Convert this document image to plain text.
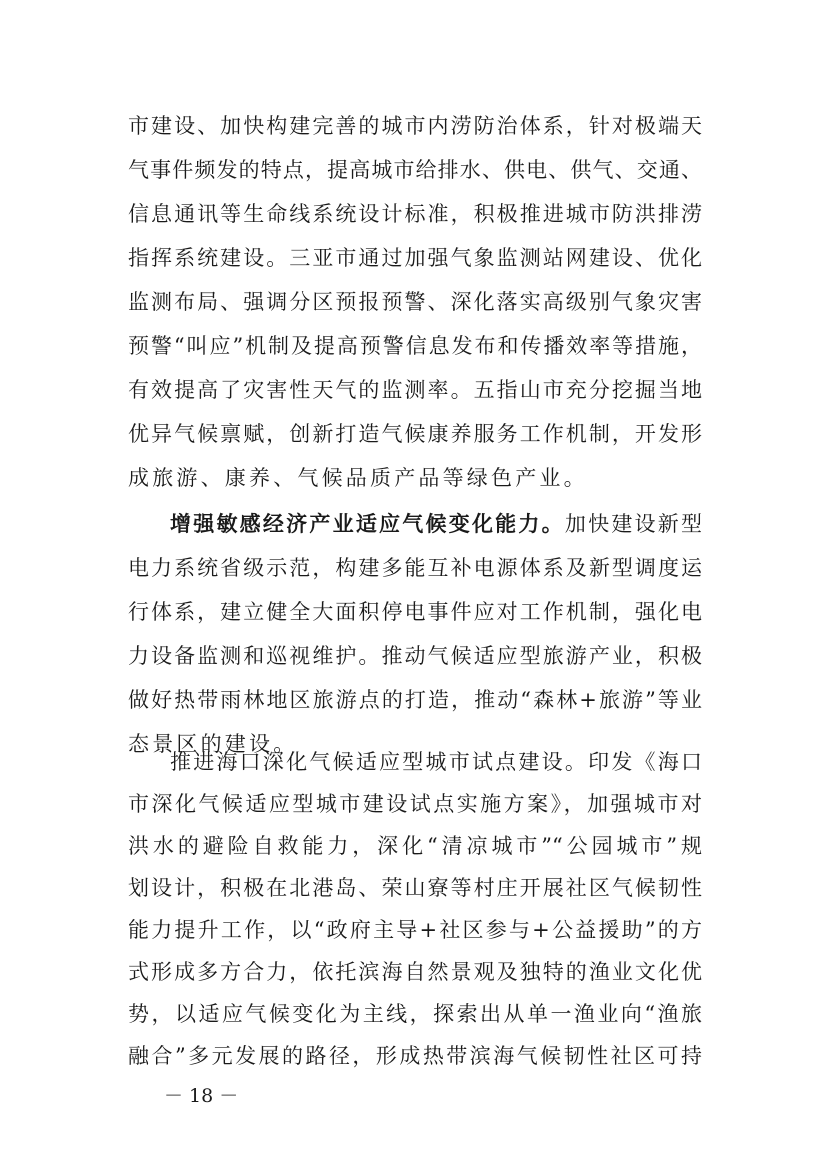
市建设、加快构建完善的城市内涝防治体系，针对极端天
气事件频发的特点，提高城市给排水、供电、供气、交通、
信息通讯等生命线系统设计标准，积极推进城市防洪排涝
指挥系统建设。三亚市通过加强气象监测站网建设、优化
监测布局、强调分区预报预警、深化落实高级别气象灾害
预警“叫应”机制及提高预警信息发布和传播效率等措施，
有效提高了灾害性天气的监测率。五指山市充分挖掘当地
优异气候禀赋，创新打造气候康养服务工作机制，开发形
成旅游、康养、气候品质产品等绿色产业。
增强敏感经济产业适应气候变化能力。加快建设新型
电力系统省级示范，构建多能互补电源体系及新型调度运
行体系，建立健全大面积停电事件应对工作机制，强化电
力设备监测和巡视维护。推动气候适应型旅游产业，积极
做好热带雨林地区旅游点的打造，推动“森林+旅游”等业
态景区的建设。
推进海口深化气候适应型城市试点建设。印发《海口
市深化气候适应型城市建设试点实施方案》，加强城市对
洪水的避险自救能力，深化“清凉城市”“公园城市”规
划设计，积极在北港岛、荣山寮等村庄开展社区气候韧性
能力提升工作，以“政府主导+社区参与+公益援助”的方
式形成多方合力，依托滨海自然景观及独特的渔业文化优
势，以适应气候变化为主线，探索出从单一渔业向“渔旅
融合”多元发展的路径，形成热带滨海气候韧性社区可持
－ 18 －
